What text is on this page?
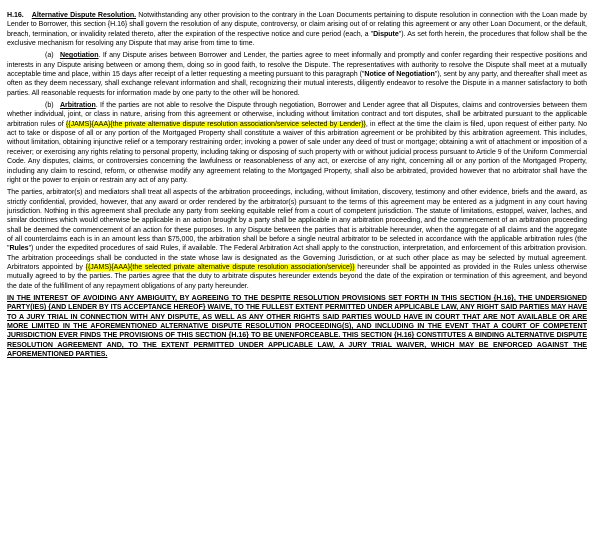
H.16. Alternative Dispute Resolution. Notwithstanding any other provision to the contrary in the Loan Documents pertaining to dispute resolution in connection with the Loan made by Lender to Borrower, this section {H.16} shall govern the resolution of any dispute, controversy, or claim arising out of or relating this agreement or any other Loan Document, or the default, breach, termination, or invalidity related thereto, after the expiration of the respective notice and cure period (each, a "Dispute"). As set forth herein, the procedures that follow shall be the exclusive mechanism for resolving any Dispute that may arise from time to time.

(a) Negotiation. If any Dispute arises between Borrower and Lender, the parties agree to meet informally and promptly and confer regarding their respective positions and interests in any Dispute arising between or among them, doing so in good faith, to resolve the Dispute. The representatives with authority to resolve the Dispute shall meet at a mutually acceptable time and place, within 15 days after receipt of a letter requesting a meeting pursuant to this paragraph ("Notice of Negotiation"), sent by any party, and thereafter shall meet as often as they deem necessary, shall exchange relevant information and shall, recognizing their mutual interests, diligently endeavor to resolve the Dispute in a manner satisfactory to both parties. All reasonable requests for information made by one party to the other will be honored.

(b) Arbitration. If the parties are not able to resolve the Dispute through negotiation, Borrower and Lender agree that all Disputes, claims and controversies between them whether individual, joint, or class in nature, arising from this agreement or otherwise, including without limitation contract and tort disputes, shall be arbitrated pursuant to the applicable arbitration rules of {{JAMS}{AAA}{the private alternative dispute resolution association/service selected by Lender}}, in effect at the time the claim is filed, upon request of either party. No act to take or dispose of all or any portion of the Mortgaged Property shall constitute a waiver of this arbitration agreement or be prohibited by this arbitration agreement. This includes, without limitation, obtaining injunctive relief or a temporary restraining order; invoking a power of sale under any deed of trust or mortgage; obtaining a writ of attachment or imposition of a receiver; or exercising any rights relating to personal property, including taking or disposing of such property with or without judicial process pursuant to Article 9 of the Uniform Commercial Code. Any disputes, claims, or controversies concerning the lawfulness or reasonableness of any act, or exercise of any right, concerning all or any portion of the Mortgaged Property, including any claim to rescind, reform, or otherwise modify any agreement relating to the Mortgaged Property, shall also be arbitrated, provided however that no arbitrator shall have the right or the power to enjoin or restrain any act of any party.

The parties, arbitrator(s) and mediators shall treat all aspects of the arbitration proceedings, including, without limitation, discovery, testimony and other evidence, briefs and the award, as strictly confidential, provided, however, that any award or order rendered by the arbitrator(s) pursuant to the terms of this agreement may be entered as a judgment in any court having jurisdiction. Nothing in this agreement shall preclude any party from seeking equitable relief from a court of competent jurisdiction. The statute of limitations, estoppel, waiver, laches, and similar doctrines which would otherwise be applicable in an action brought by a party shall be applicable in any arbitration proceeding, and the commencement of an arbitration proceeding shall be deemed the commencement of an action for these purposes. In any Dispute between the parties that is arbitrable hereunder, when the aggregate of all claims and the aggregate of all counterclaims each is in an amount less than $75,000, the arbitration shall be before a single neutral arbitrator to be selected in accordance with the applicable arbitration rules (the "Rules") under the expedited procedures of said Rules, if available. The Federal Arbitration Act shall apply to the construction, interpretation, and enforcement of this arbitration provision. The arbitration proceedings shall be conducted in the state whose law is designated as the Governing Jurisdiction, or at such other place as may be selected by mutual agreement. Arbitrators appointed by {{JAMS}{AAA}{the selected private alternative dispute resolution association/service}} hereunder shall be appointed as provided in the Rules unless otherwise mutually agreed to by the parties. The parties agree that the duty to arbitrate disputes hereunder extends beyond the date of the expiration or termination of this agreement, and beyond the date of the fulfillment of any repayment obligations of any party hereunder.

IN THE INTEREST OF AVOIDING ANY AMBIGUITY, BY AGREEING TO THE DESPITE RESOLUTION PROVISIONS SET FORTH IN THIS SECTION {H.16}, THE UNDERSIGNED PARTY(IES) {AND LENDER BY ITS ACCEPTANCE HEREOF} WAIVE, TO THE FULLEST EXTENT PERMITTED UNDER APPLICABLE LAW, ANY RIGHT SAID PARTIES MAY HAVE TO A JURY TRIAL IN CONNECTION WITH ANY DISPUTE, AS WELL AS ANY OTHER RIGHTS SAID PARTIES WOULD HAVE IN COURT THAT ARE NOT AVAILABLE OR ARE MORE LIMITED IN THE AFOREMENTIONED ALTERNATIVE DISPUTE RESOLUTION PROCEEDING(S), AND INCLUDING IN THE EVENT THAT A COURT OF COMPETENT JURISDICTION EVER FINDS THE PROVISIONS OF THIS SECTION {H.16} TO BE UNENFORCEABLE. THIS SECTION {H.16} CONSTITUTES A BINDING ALTERNATIVE DISPUTE RESOLUTION AGREEMENT AND, TO THE EXTENT PERMITTED UNDER APPLICABLE LAW, A JURY TRIAL WAIVER, WHICH MAY BE ENFORCED AGAINST THE AFOREMENTIONED PARTIES.
